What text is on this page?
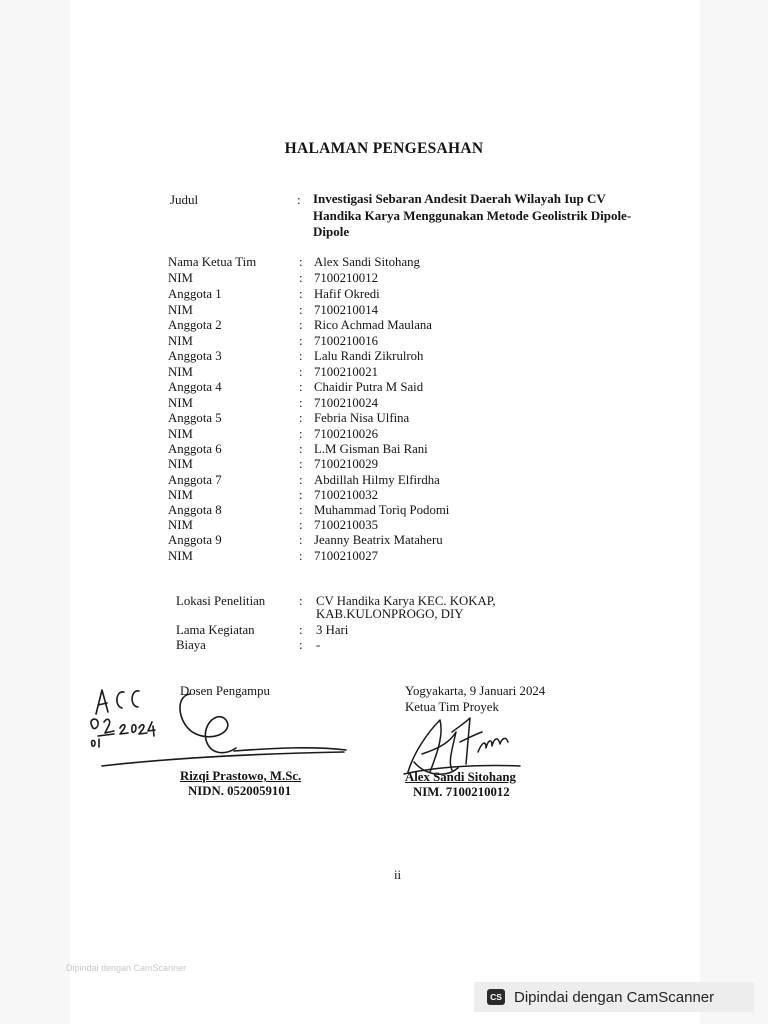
HALAMAN PENGESAHAN
Judul	: Investigasi Sebaran Andesit Daerah Wilayah Iup CV Handika Karya Menggunakan Metode Geolistrik Dipole-Dipole
Nama Ketua Tim	: Alex Sandi Sitohang
NIM	: 7100210012
Anggota 1	: Hafif Okredi
NIM	: 7100210014
Anggota 2	: Rico Achmad Maulana
NIM	: 7100210016
Anggota 3	: Lalu Randi Zikrulroh
NIM	: 7100210021
Anggota 4	: Chaidir Putra M Said
NIM	: 7100210024
Anggota 5	: Febria Nisa Ulfina
NIM	: 7100210026
Anggota 6	: L.M Gisman Bai Rani
NIM	: 7100210029
Anggota 7	: Abdillah Hilmy Elfirdha
NIM	: 7100210032
Anggota 8	: Muhammad Toriq Podomi
NIM	: 7100210035
Anggota 9	: Jeanny Beatrix Mataheru
NIM	: 7100210027
Lokasi Penelitian	: CV Handika Karya KEC. KOKAP,
KAB.KULONPROGO, DIY
Lama Kegiatan	: 3 Hari
Biaya	: -
Dosen Pengampu	Yogyakarta, 9 Januari 2024
Ketua Tim Proyek
Rizqi Prastowo, M.Sc.
NIDN. 0520059101
Alex Sandi Sitohang
NIM. 7100210012
ii
Dipindai dengan CamScanner
CS Dipindai dengan CamScanner
